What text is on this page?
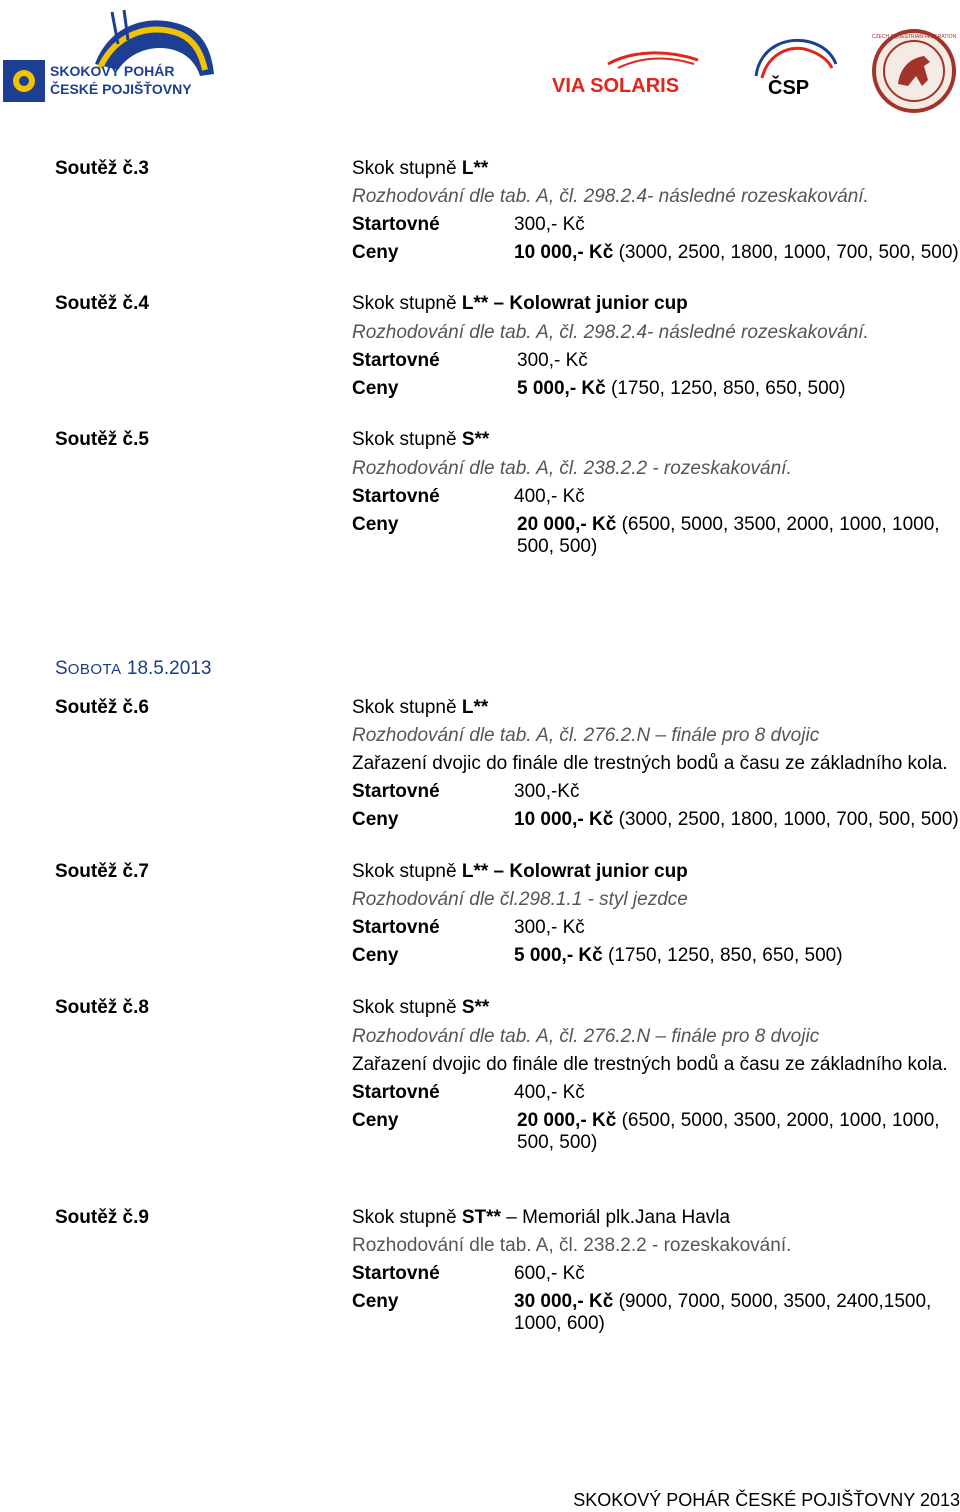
SKOKOVÝ POHÁR
ČESKÉ POJIŠŤOVNY	VIA SOLARIS	ČSP
CZECH EQUESTRIAN FEDERATION
Soutěž č.3	Skok stupně L**
Rozhodování dle tab. A, čl. 298.2.4- následné rozeskakování.
Startovné	300,- Kč
Ceny	10 000,- Kč (3000, 2500, 1800, 1000, 700, 500, 500)
Soutěž č.4	Skok stupně L** – Kolowrat junior cup
Rozhodování dle tab. A, čl. 298.2.4- následné rozeskakování.
Startovné	300,- Kč
Ceny	5 000,- Kč (1750, 1250, 850, 650, 500)
Soutěž č.5	Skok stupně S**
Rozhodování dle tab. A, čl. 238.2.2 - rozeskakování.
Startovné	400,- Kč
Ceny	20 000,- Kč (6500, 5000, 3500, 2000, 1000, 1000, 500, 500)
SOBOTA 18.5.2013
Soutěž č.6	Skok stupně L**
Rozhodování dle tab. A, čl. 276.2.N – finále pro 8 dvojic
Zařazení dvojic do finále dle trestných bodů a času ze základního kola.
Startovné	300,-Kč
Ceny	10 000,- Kč (3000, 2500, 1800, 1000, 700, 500, 500)
Soutěž č.7	Skok stupně L** – Kolowrat junior cup
Rozhodování dle čl.298.1.1 - styl jezdce
Startovné	300,- Kč
Ceny	5 000,- Kč (1750, 1250, 850, 650, 500)
Soutěž č.8	Skok stupně S**
Rozhodování dle tab. A, čl. 276.2.N – finále pro 8 dvojic
Zařazení dvojic do finále dle trestných bodů a času ze základního kola.
Startovné	400,- Kč
Ceny	20 000,- Kč (6500, 5000, 3500, 2000, 1000, 1000, 500, 500)
Soutěž č.9	Skok stupně ST** – Memoriál plk.Jana Havla
Rozhodování dle tab. A, čl. 238.2.2 - rozeskakování.
Startovné	600,- Kč
Ceny	30 000,- Kč (9000, 7000, 5000, 3500, 2400,1500, 1000, 600)
SKOKOVÝ POHÁR ČESKÉ POJIŠŤOVNY 2013
